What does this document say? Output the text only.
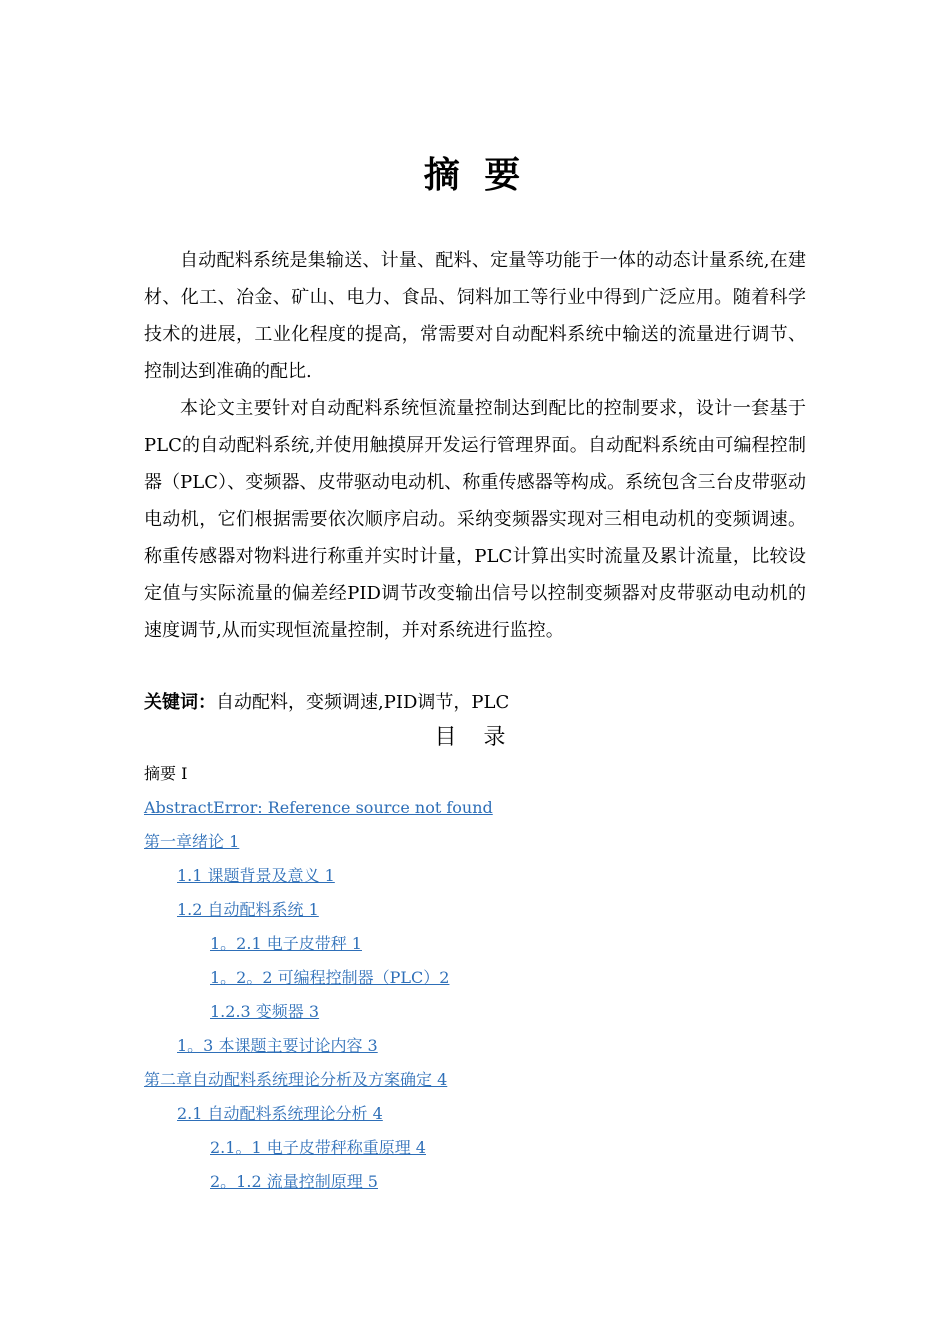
摘 要

自动配料系统是集输送、计量、配料、定量等功能于一体的动态计量系统,在建材、化工、冶金、矿山、电力、食品、饲料加工等行业中得到广泛应用。随着科学技术的进展，工业化程度的提高，常需要对自动配料系统中输送的流量进行调节、控制达到准确的配比.

本论文主要针对自动配料系统恒流量控制达到配比的控制要求，设计一套基于PLC的自动配料系统,并使用触摸屏开发运行管理界面。自动配料系统由可编程控制器（PLC）、变频器、皮带驱动电动机、称重传感器等构成。系统包含三台皮带驱动电动机，它们根据需要依次顺序启动。采纳变频器实现对三相电动机的变频调速。称重传感器对物料进行称重并实时计量，PLC计算出实时流量及累计流量，比较设定值与实际流量的偏差经PID调节改变输出信号以控制变频器对皮带驱动电动机的速度调节,从而实现恒流量控制，并对系统进行监控。

关键词：自动配料，变频调速,PID调节，PLC
目 录
摘要 I
AbstractError: Reference source not found
第一章绪论 1
1.1 课题背景及意义 1
1.2 自动配料系统 1
1。2.1 电子皮带秤 1
1。2。2 可编程控制器（PLC）2
1.2.3 变频器 3
1。3 本课题主要讨论内容 3
第二章自动配料系统理论分析及方案确定 4
2.1 自动配料系统理论分析 4
2.1。1 电子皮带秤称重原理 4
2。1.2 流量控制原理 5
